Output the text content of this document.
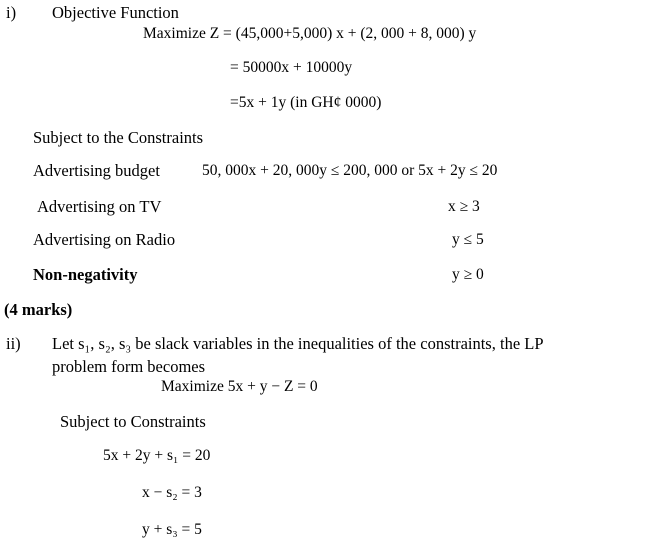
i) Objective Function
Maximize Z = (45,000+5,000) x + (2, 000 + 8, 000) y
= 50000x + 10000y
=5x + 1y (in GH¢ 0000)
Subject to the Constraints
Advertising budget	50, 000x + 20, 000y ≤ 200, 000 or 5x + 2y ≤ 20
Advertising on TV	x ≥ 3
Advertising on Radio	y ≤ 5
Non-negativity	y ≥ 0
(4 marks)
ii) Let s₁, s₂, s₃ be slack variables in the inequalities of the constraints, the LP
problem form becomes
Maximize 5x + y − Z = 0
Subject to Constraints
5x + 2y + s₁ = 20
x − s₂ = 3
y + s₃ = 5
